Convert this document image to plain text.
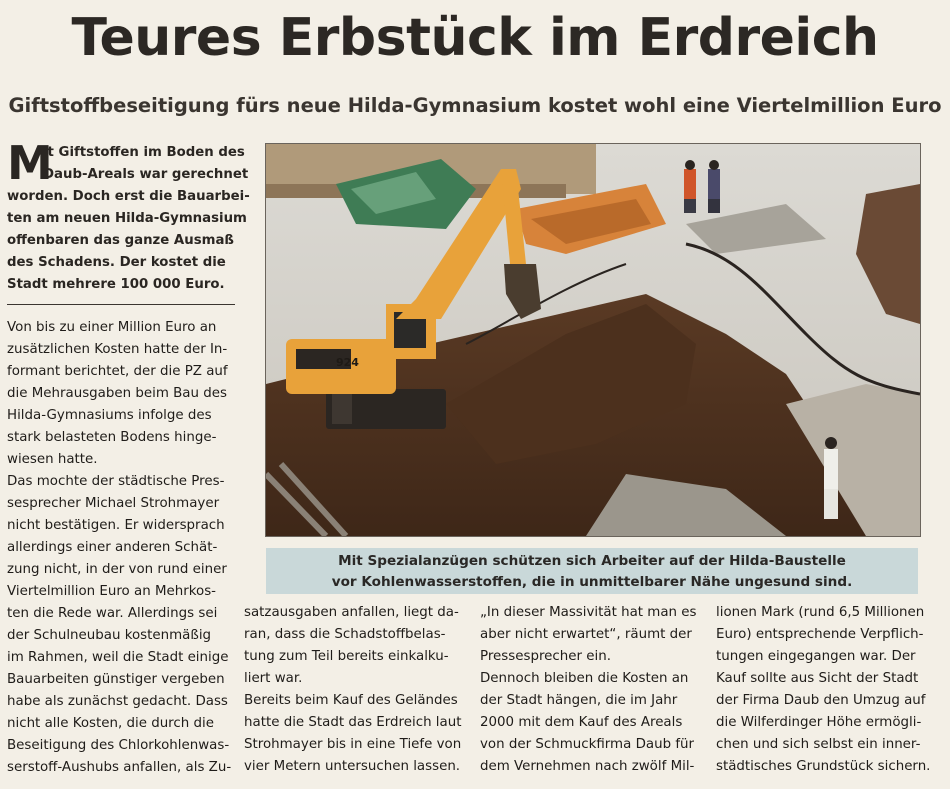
Teures Erbstück im Erdreich
Giftstoffbeseitigung fürs neue Hilda-Gymnasium kostet wohl eine Viertelmillion Euro
M
it Giftstoffen im Boden des
Daub-Areals war gerechnet
worden. Doch erst die Bauarbei-
ten am neuen Hilda-Gymnasium
offenbaren das ganze Ausmaß
des Schadens. Der kostet die
Stadt mehrere 100 000 Euro.
Von bis zu einer Million Euro an
zusätzlichen Kosten hatte der In-
formant berichtet, der die PZ auf
die Mehrausgaben beim Bau des
Hilda-Gymnasiums infolge des
stark belasteten Bodens hinge-
wiesen hatte.
Das mochte der städtische Pres-
sesprecher Michael Strohmayer
nicht bestätigen. Er widersprach
allerdings einer anderen Schät-
zung nicht, in der von rund einer
Viertelmillion Euro an Mehrkos-
ten die Rede war. Allerdings sei
der Schulneubau kostenmäßig
im Rahmen, weil die Stadt einige
Bauarbeiten günstiger vergeben
habe als zunächst gedacht. Dass
nicht alle Kosten, die durch die
Beseitigung des Chlorkohlenwas-
serstoff-Aushubs anfallen, als Zu-
924
Mit Spezialanzügen schützen sich Arbeiter auf der Hilda-Baustelle
vor Kohlenwasserstoffen, die in unmittelbarer Nähe ungesund sind.
satzausgaben anfallen, liegt da-
ran, dass die Schadstoffbelas-
tung zum Teil bereits einkalku-
liert war.
Bereits beim Kauf des Geländes
hatte die Stadt das Erdreich laut
Strohmayer bis in eine Tiefe von
vier Metern untersuchen lassen.
„In dieser Massivität hat man es
aber nicht erwartet“, räumt der
Pressesprecher ein.
Dennoch bleiben die Kosten an
der Stadt hängen, die im Jahr
2000 mit dem Kauf des Areals
von der Schmuckfirma Daub für
dem Vernehmen nach zwölf Mil-
lionen Mark (rund 6,5 Millionen
Euro) entsprechende Verpflich-
tungen eingegangen war. Der
Kauf sollte aus Sicht der Stadt
der Firma Daub den Umzug auf
die Wilferdinger Höhe ermögli-
chen und sich selbst ein inner-
städtisches Grundstück sichern.
